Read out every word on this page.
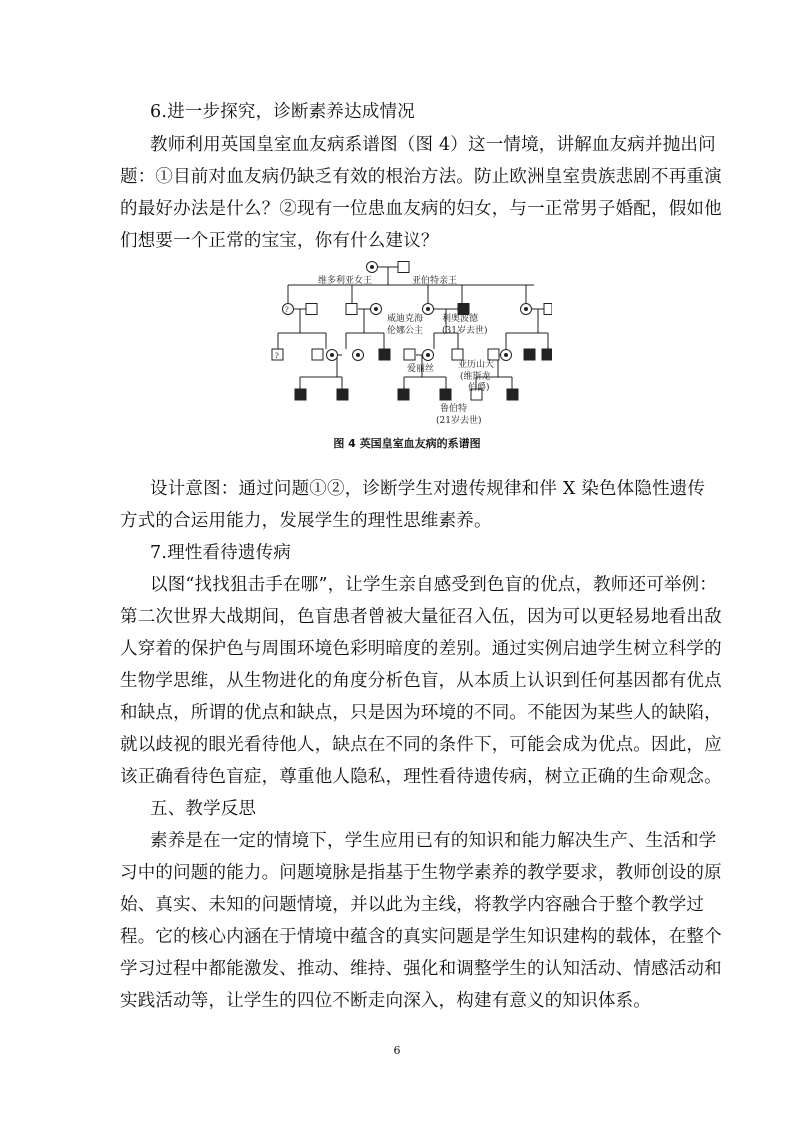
6.进一步探究，诊断素养达成情况
教师利用英国皇室血友病系谱图（图 4）这一情境，讲解血友病并抛出问
题：①目前对血友病仍缺乏有效的根治方法。防止欧洲皇室贵族悲剧不再重演
的最好办法是什么？②现有一位患血友病的妇女，与一正常男子婚配，假如他
们想要一个正常的宝宝，你有什么建议？
?
?
维多利亚女王	亚伯特亲王
威迪克海
伦娜公主
利奥波德
(31岁去世)
爱丽丝	亚历山大
(维斯龙
伯爵)
鲁伯特
(21岁去世)
图 4 英国皇室血友病的系谱图
设计意图：通过问题①②，诊断学生对遗传规律和伴 X 染色体隐性遗传
方式的合运用能力，发展学生的理性思维素养。
7.理性看待遗传病
以图“找找狙击手在哪”，让学生亲自感受到色盲的优点，教师还可举例：
第二次世界大战期间，色盲患者曾被大量征召入伍，因为可以更轻易地看出敌
人穿着的保护色与周围环境色彩明暗度的差别。通过实例启迪学生树立科学的
生物学思维，从生物进化的角度分析色盲，从本质上认识到任何基因都有优点
和缺点，所谓的优点和缺点，只是因为环境的不同。不能因为某些人的缺陷，
就以歧视的眼光看待他人，缺点在不同的条件下，可能会成为优点。因此，应
该正确看待色盲症，尊重他人隐私，理性看待遗传病，树立正确的生命观念。
五、教学反思
素养是在一定的情境下，学生应用已有的知识和能力解决生产、生活和学
习中的问题的能力。问题境脉是指基于生物学素养的教学要求，教师创设的原
始、真实、未知的问题情境，并以此为主线，将教学内容融合于整个教学过
程。它的核心内涵在于情境中蕴含的真实问题是学生知识建构的载体，在整个
学习过程中都能激发、推动、维持、强化和调整学生的认知活动、情感活动和
实践活动等，让学生的四位不断走向深入，构建有意义的知识体系。
6
